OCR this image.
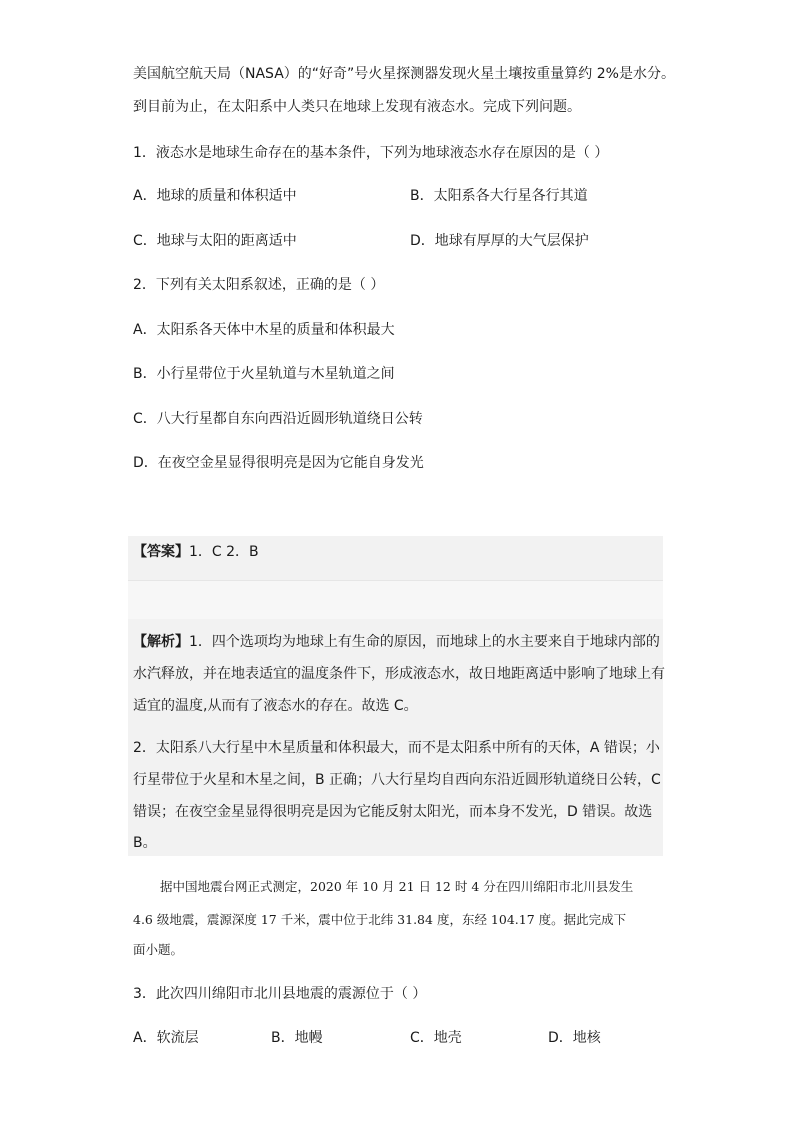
美国航空航天局（NASA）的“好奇”号火星探测器发现火星土壤按重量算约 2%是水分。
到目前为止，在太阳系中人类只在地球上发现有液态水。完成下列问题。
1．液态水是地球生命存在的基本条件，下列为地球液态水存在原因的是（ ）
A．地球的质量和体积适中	B．太阳系各大行星各行其道
C．地球与太阳的距离适中	D．地球有厚厚的大气层保护
2．下列有关太阳系叙述，正确的是（ ）
A．太阳系各天体中木星的质量和体积最大
B．小行星带位于火星轨道与木星轨道之间
C．八大行星都自东向西沿近圆形轨道绕日公转
D．在夜空金星显得很明亮是因为它能自身发光
【答案】1．C 2．B
【解析】1．四个选项均为地球上有生命的原因，而地球上的水主要来自于地球内部的
水汽释放，并在地表适宜的温度条件下，形成液态水，故日地距离适中影响了地球上有
适宜的温度,从而有了液态水的存在。故选 C。
2．太阳系八大行星中木星质量和体积最大，而不是太阳系中所有的天体，A 错误；小
行星带位于火星和木星之间，B 正确；八大行星均自西向东沿近圆形轨道绕日公转，C
错误；在夜空金星显得很明亮是因为它能反射太阳光，而本身不发光，D 错误。故选
B。
据中国地震台网正式测定，2020 年 10 月 21 日 12 时 4 分在四川绵阳市北川县发生
4.6 级地震，震源深度 17 千米，震中位于北纬 31.84 度，东经 104.17 度。据此完成下
面小题。
3．此次四川绵阳市北川县地震的震源位于（ ）
A．软流层	B．地幔	C．地壳	D．地核
